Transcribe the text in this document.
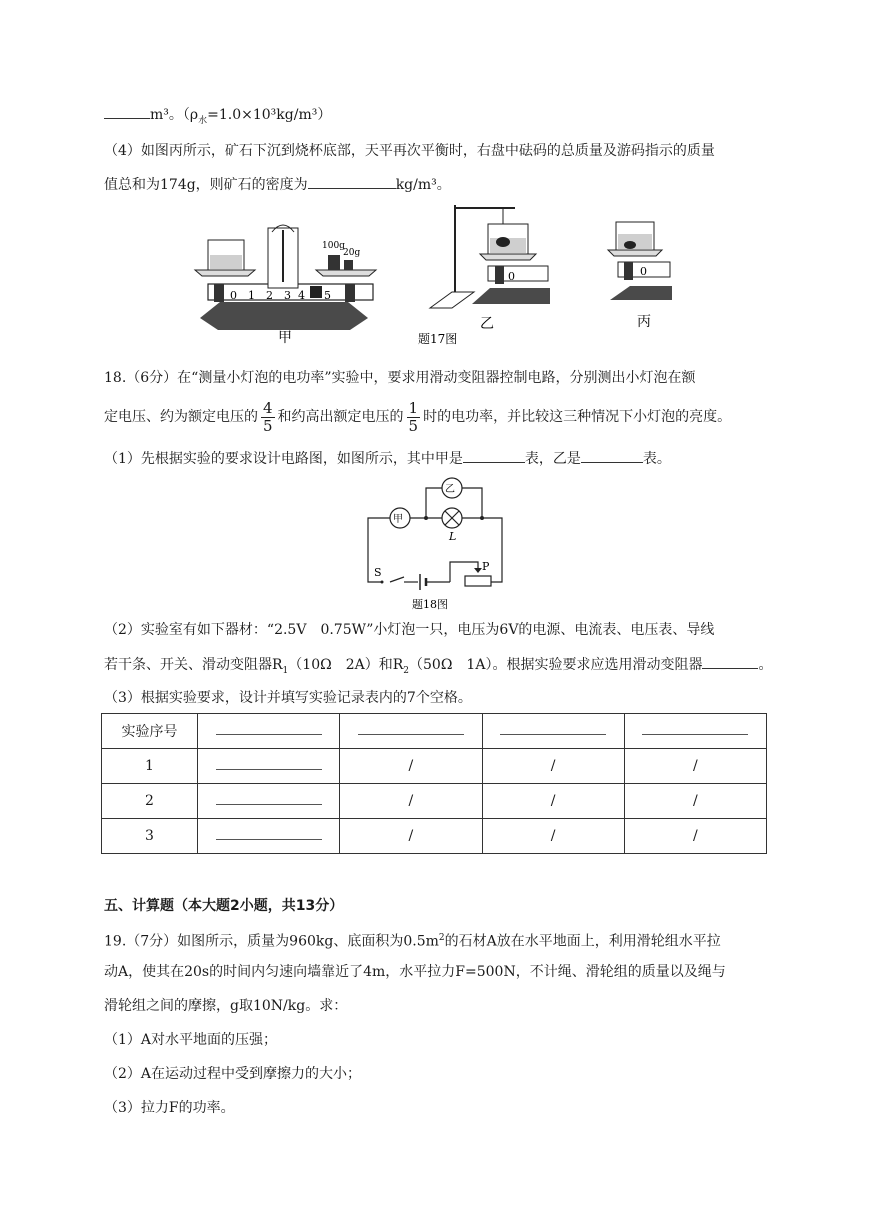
m³。$(\rho_水=1.0\times 10^3kg/m^3)$
（4）如图丙所示，矿石下沉到烧杯底部，天平再次平衡时，右盘中砝码的总质量及游码指示的质量
值总和为174g，则矿石的密度为	kg/m³。
100g
20g
0 1 2 3 4 5
甲
0
题17图
乙
0
丙
18.（6分）在“测量小灯泡的电功率”实验中，要求用滑动变阻器控制电路，分别测出小灯泡在额
定电压、约为额定电压的 $\frac{4}{5}$ 和约高出额定电压的 $\frac{1}{5}$ 时的电功率，并比较这三种情况下小灯泡的亮度。
（1）先根据实验的要求设计电路图，如图所示，其中甲是	表，乙是	表。
甲
乙
L
S	P
题18图
（2）实验室有如下器材：“2.5V　0.75W”小灯泡一只，电压为6V的电源、电流表、电压表、导线
若干条、开关、滑动变阻器$R_1(10\Omega$　2A）和$R_2(50\Omega$　1A）。根据实验要求应选用滑动变阻器	。
（3）根据实验要求，设计并填写实验记录表内的7个空格。
实验序号				
1		/	/	/
2		/	/	/
3		/	/	/
五、计算题（本大题2小题，共13分）
19.（7分）如图所示，质量为960kg、底面积为$0.5m^2$的石材A放在水平地面上，利用滑轮组水平拉
动A，使其在20s的时间内匀速向墙靠近了4m，水平拉力F=500N，不计绳、滑轮组的质量以及绳与
滑轮组之间的摩擦，g取10N/kg。求：
（1）A对水平地面的压强；
（2）A在运动过程中受到摩擦力的大小；
（3）拉力F的功率。
